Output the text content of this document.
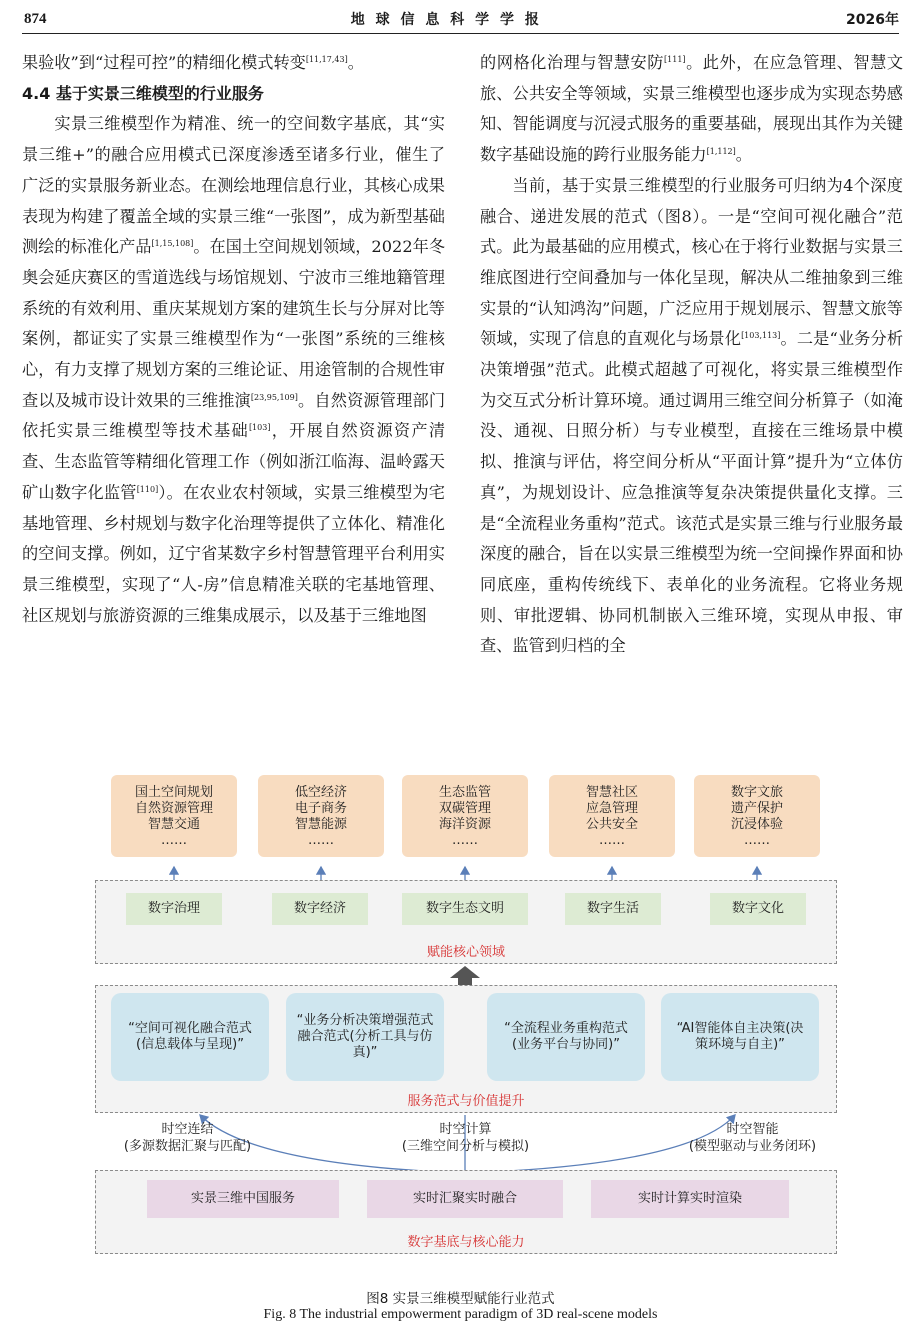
874	地 球 信 息 科 学 学 报	2026年

果验收”到“过程可控”的精细化模式转变[11,17,43]。

4.4 基于实景三维模型的行业服务

实景三维模型作为精准、统一的空间数字基底，其“实景三维+”的融合应用模式已深度渗透至诸多行业，催生了广泛的实景服务新业态。在测绘地理信息行业，其核心成果表现为构建了覆盖全域的实景三维“一张图”，成为新型基础测绘的标准化产品[1,15,108]。在国土空间规划领域，2022年冬奥会延庆赛区的雪道选线与场馆规划、宁波市三维地籍管理系统的有效利用、重庆某规划方案的建筑生长与分屏对比等案例，都证实了实景三维模型作为“一张图”系统的三维核心，有力支撑了规划方案的三维论证、用途管制的合规性审查以及城市设计效果的三维推演[23,95,109]。自然资源管理部门依托实景三维模型等技术基础[103]，开展自然资源资产清查、生态监管等精细化管理工作（例如浙江临海、温岭露天矿山数字化监管[110]）。在农业农村领域，实景三维模型为宅基地管理、乡村规划与数字化治理等提供了立体化、精准化的空间支撑。例如，辽宁省某数字乡村智慧管理平台利用实景三维模型，实现了“人-房”信息精准关联的宅基地管理、社区规划与旅游资源的三维集成展示，以及基于三维地图

的网格化治理与智慧安防[111]。此外，在应急管理、智慧文旅、公共安全等领域，实景三维模型也逐步成为实现态势感知、智能调度与沉浸式服务的重要基础，展现出其作为关键数字基础设施的跨行业服务能力[1,112]。

当前，基于实景三维模型的行业服务可归纳为4个深度融合、递进发展的范式（图8）。一是“空间可视化融合”范式。此为最基础的应用模式，核心在于将行业数据与实景三维底图进行空间叠加与一体化呈现，解决从二维抽象到三维实景的“认知鸿沟”问题，广泛应用于规划展示、智慧文旅等领域，实现了信息的直观化与场景化[103,113]。二是“业务分析决策增强”范式。此模式超越了可视化，将实景三维模型作为交互式分析计算环境。通过调用三维空间分析算子（如淹没、通视、日照分析）与专业模型，直接在三维场景中模拟、推演与评估，将空间分析从“平面计算”提升为“立体仿真”，为规划设计、应急推演等复杂决策提供量化支撑。三是“全流程业务重构”范式。该范式是实景三维与行业服务最深度的融合，旨在以实景三维模型为统一空间操作界面和协同底座，重构传统线下、表单化的业务流程。它将业务规则、审批逻辑、协同机制嵌入三维环境，实现从申报、审查、监管到归档的全

国土空间规划
自然资源管理
智慧交通
……
低空经济
电子商务
智慧能源
……
生态监管
双碳管理
海洋资源
……
智慧社区
应急管理
公共安全
……
数字文旅
遗产保护
沉浸体验
……
赋能核心领域
数字治理	数字经济	数字生态文明	数字生活	数字文化
服务范式与价值提升
“空间可视化融合范式(信息载体与呈现)”
“业务分析决策增强范式融合范式(分析工具与仿真)”
“全流程业务重构范式(业务平台与协同)”
“AI智能体自主决策(决策环境与自主)”
时空连结
(多源数据汇聚与匹配)
时空计算
(三维空间分析与模拟)
时空智能
(模型驱动与业务闭环)
数字基底与核心能力
实景三维中国服务	实时汇聚实时融合	实时计算实时渲染
图8 实景三维模型赋能行业范式
Fig. 8 The industrial empowerment paradigm of 3D real-scene models
